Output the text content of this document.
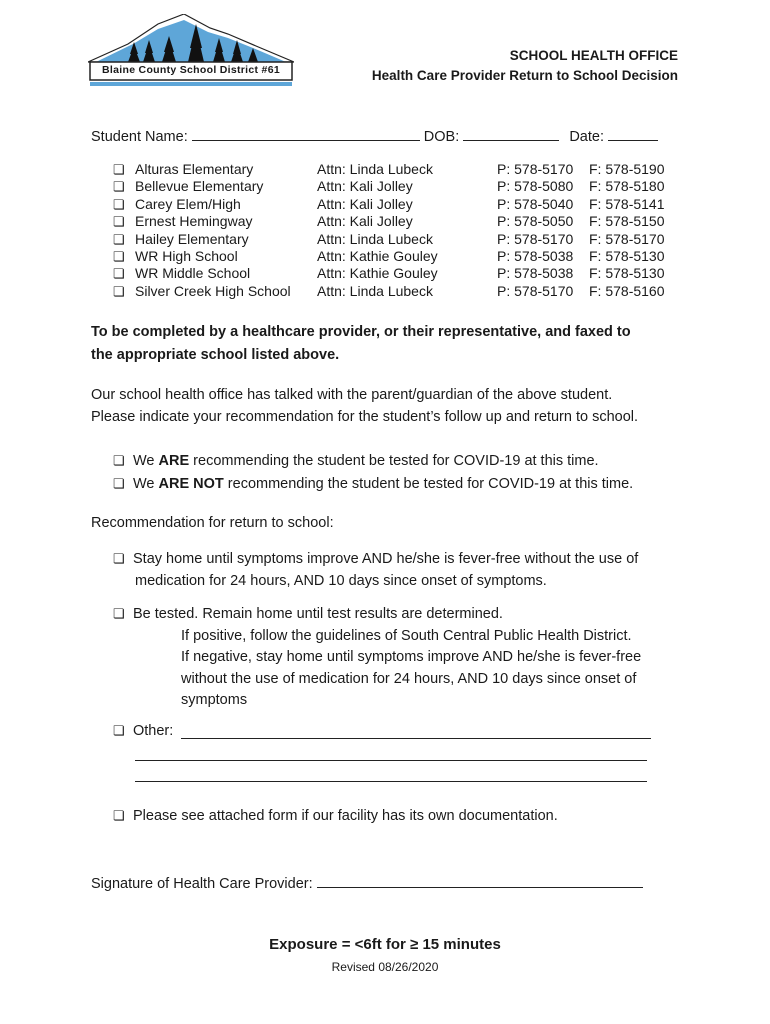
Blaine County School District #61
SCHOOL HEALTH OFFICE
Health Care Provider Return to School Decision
Student Name:	DOB:	Date:
❏ Alturas Elementary	Attn: Linda Lubeck	P: 578-5170 F: 578-5190
❏ Bellevue Elementary	Attn: Kali Jolley	P: 578-5080 F: 578-5180
❏ Carey Elem/High	Attn: Kali Jolley	P: 578-5040 F: 578-5141
❏ Ernest Hemingway	Attn: Kali Jolley	P: 578-5050 F: 578-5150
❏ Hailey Elementary	Attn: Linda Lubeck	P: 578-5170 F: 578-5170
❏ WR High School	Attn: Kathie Gouley	P: 578-5038 F: 578-5130
❏ WR Middle School	Attn: Kathie Gouley	P: 578-5038 F: 578-5130
❏ Silver Creek High School Attn: Linda Lubeck	P: 578-5170 F: 578-5160
To be completed by a healthcare provider, or their representative, and faxed to
the appropriate school listed above.
Our school health office has talked with the parent/guardian of the above student.
Please indicate your recommendation for the student’s follow up and return to school.
❏ We ARE recommending the student be tested for COVID-19 at this time.
❏ We ARE NOT recommending the student be tested for COVID-19 at this time.
Recommendation for return to school:
❏ Stay home until symptoms improve AND he/she is fever-free without the use of
medication for 24 hours, AND 10 days since onset of symptoms.
❏ Be tested. Remain home until test results are determined.
If positive, follow the guidelines of South Central Public Health District.
If negative, stay home until symptoms improve AND he/she is fever-free
without the use of medication for 24 hours, AND 10 days since onset of
symptoms
❏ Other:
❏ Please see attached form if our facility has its own documentation.
Signature of Health Care Provider:
Exposure = <6ft for ≥ 15 minutes
Revised 08/26/2020
